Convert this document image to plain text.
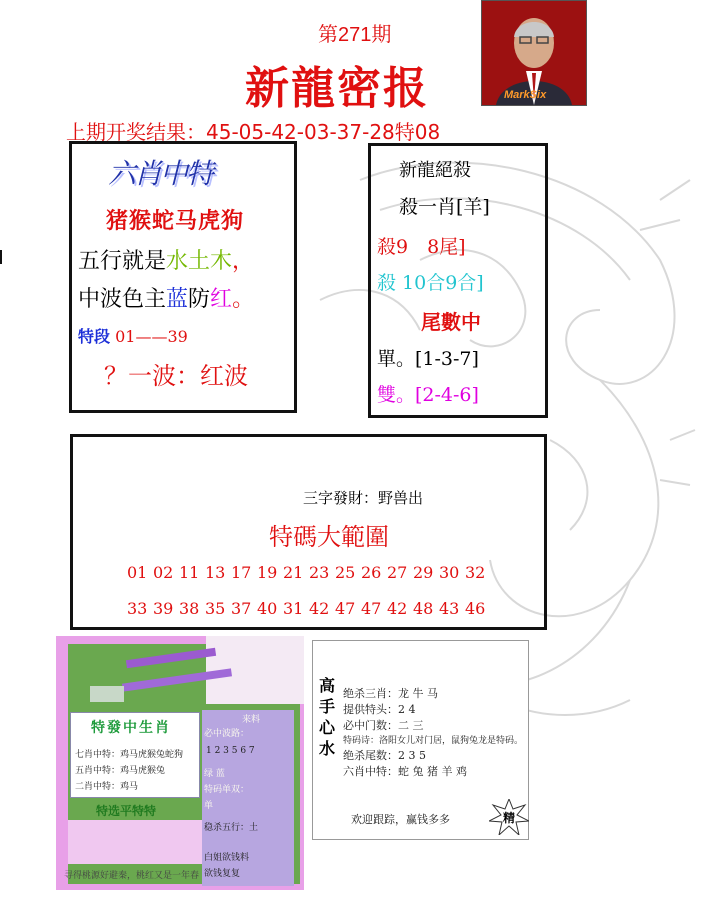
第271期
新龍密报	MarkSix
上期开奖结果：45-05-42-03-37-28特08
六肖中特
猪猴蛇马虎狗
五行就是水土木，
中波色主蓝防红。
特段 01——39
？一波：红波
新龍絕殺
殺一肖[羊]
殺9　8尾]
殺 10合9合]
尾數中
單。[1-3-7]
雙。[2-4-6]
三字發財：野兽出
特碼大範圍
01 02 11 13 17 19 21 23 25 26 27 29 30 32
33 39 38 35 37 40 31 42 47 47 42 48 43 46
特發中生肖
七肖中特：鸡马虎猴兔蛇狗
五肖中特：鸡马虎猴兔
二肖中特：鸡马
来料
必中波路：
1 2 3 5 6 7
绿 蓝
特码单双：
单
稳杀五行：土
白姐欲钱料
欲钱复复
特选平特特
寻得桃源好避秦，桃红又是一年春
高
手
心
水
绝杀三肖：龙 牛 马
提供特头：2 4
必中门数：二 三
特码诗：洛阳女儿对门居，鼠狗兔龙是特码。
绝杀尾数：2 3 5
六肖中特：蛇 兔 猪 羊 鸡
欢迎跟踪，赢钱多多	精
